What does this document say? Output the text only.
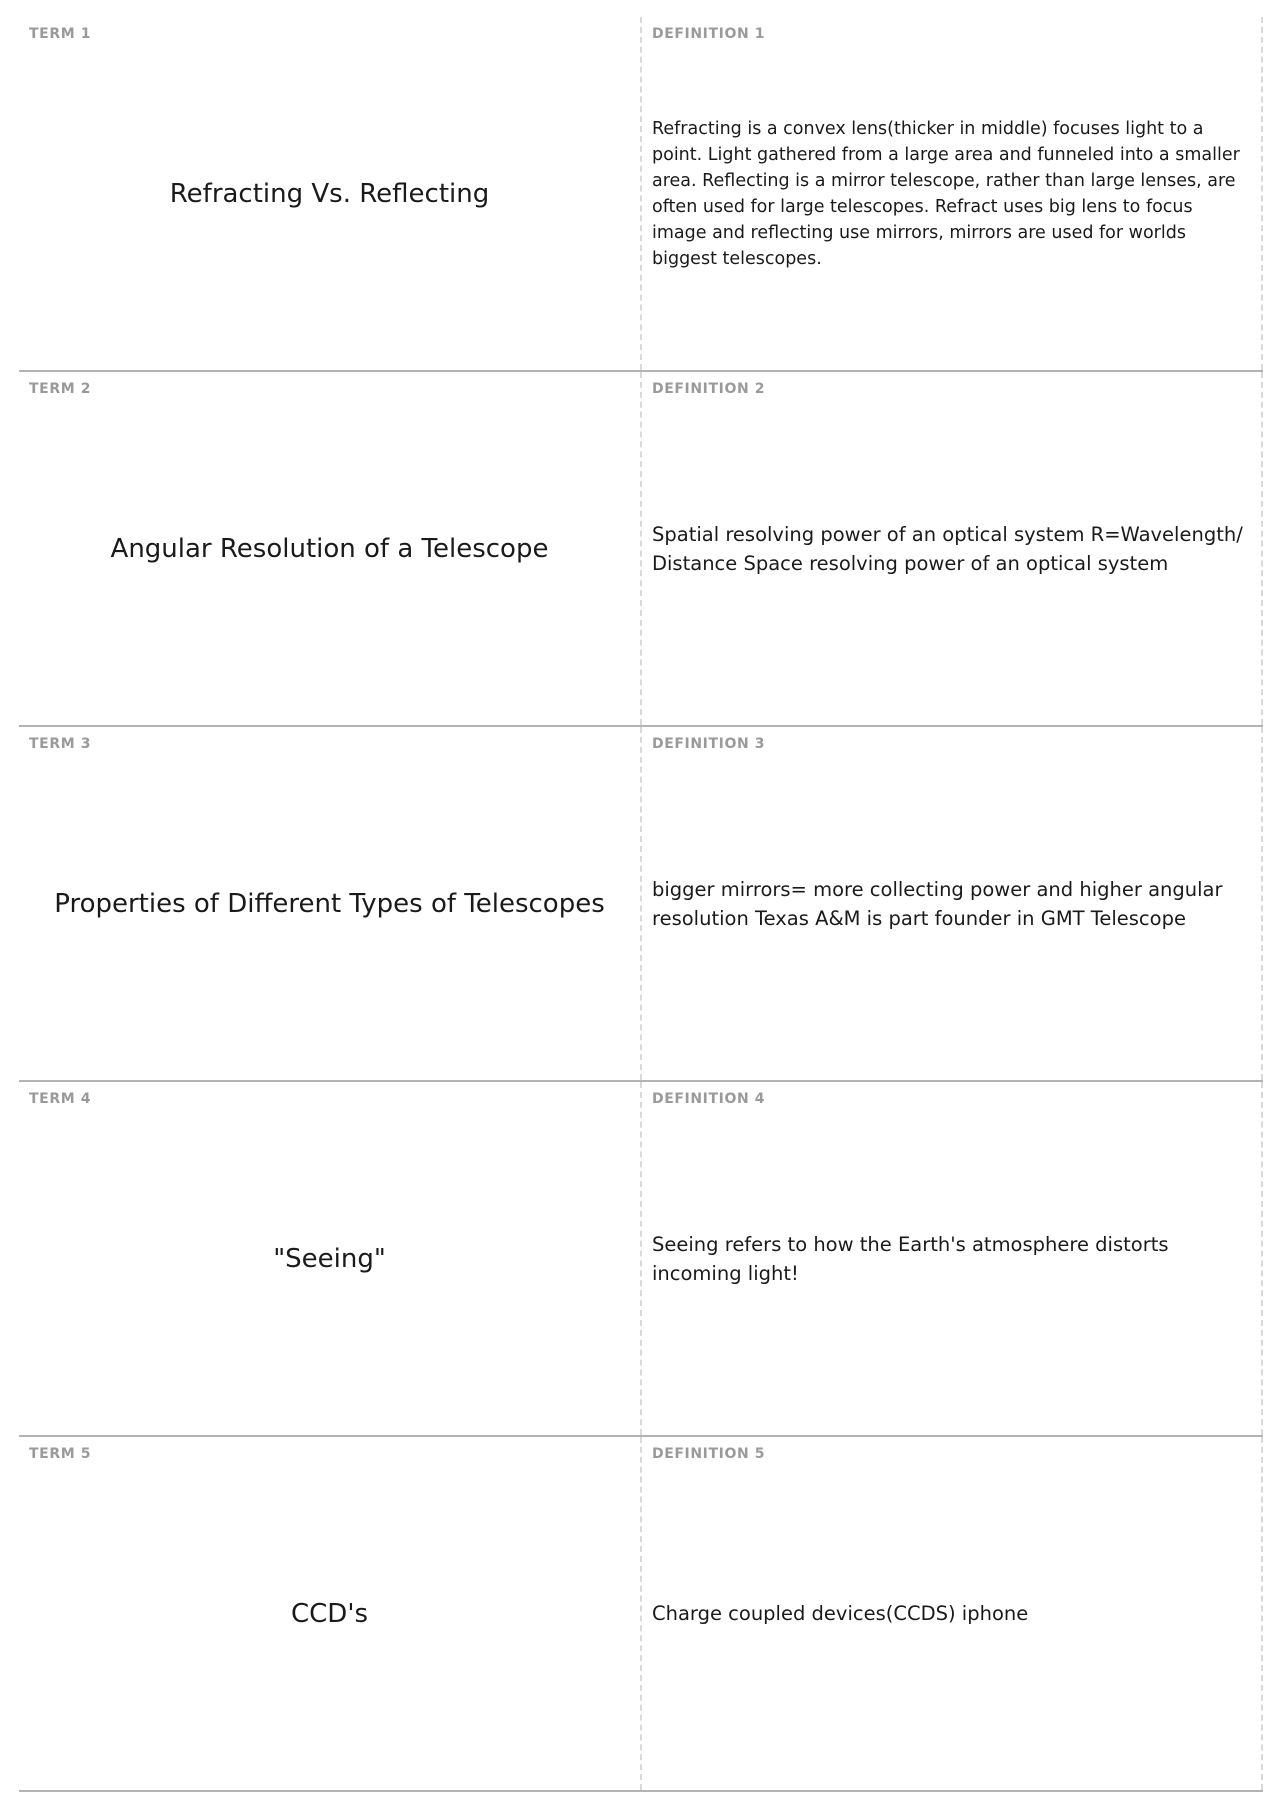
TERM 1
Refracting Vs. Reflecting
DEFINITION 1
Refracting is a convex lens(thicker in middle) focuses light to a point. Light gathered from a large area and funneled into a smaller area. Reflecting is a mirror telescope, rather than large lenses, are often used for large telescopes. Refract uses big lens to focus image and reflecting use mirrors, mirrors are used for worlds biggest telescopes.
TERM 2
Angular Resolution of a Telescope
DEFINITION 2
Spatial resolving power of an optical system R=Wavelength/ Distance Space resolving power of an optical system
TERM 3
Properties of Different Types of Telescopes
DEFINITION 3
bigger mirrors= more collecting power and higher angular resolution Texas A&M is part founder in GMT Telescope
TERM 4
"Seeing"
DEFINITION 4
Seeing refers to how the Earth's atmosphere distorts incoming light!
TERM 5
CCD's
DEFINITION 5
Charge coupled devices(CCDS) iphone
